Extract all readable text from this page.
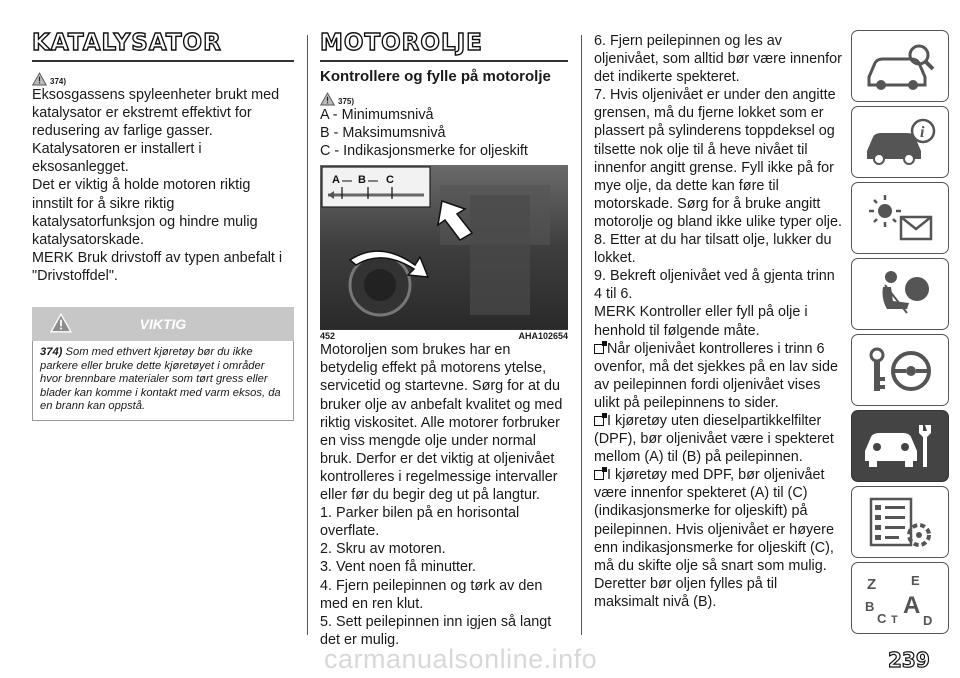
KATALYSATOR
374)
Eksosgassens spyleenheter brukt med katalysator er ekstremt effektivt for redusering av farlige gasser. Katalysatoren er installert i eksosanlegget.
Det er viktig å holde motoren riktig innstilt for å sikre riktig katalysatorfunksjon og hindre mulig katalysatorskade.
MERK Bruk drivstoff av typen anbefalt i "Drivstoffdel".
VIKTIG
374) Som med ethvert kjøretøy bør du ikke parkere eller bruke dette kjøretøyet i områder hvor brennbare materialer som tørt gress eller blader kan komme i kontakt med varm eksos, da en brann kan oppstå.
MOTOROLJE
Kontrollere og fylle på motorolje
375)
A - Minimumsnivå
B - Maksimumsnivå
C - Indikasjonsmerke for oljeskift
A B C
452	AHA102654
Motoroljen som brukes har en betydelig effekt på motorens ytelse, servicetid og startevne. Sørg for at du bruker olje av anbefalt kvalitet og med riktig viskositet. Alle motorer forbruker en viss mengde olje under normal bruk. Derfor er det viktig at oljenivået kontrolleres i regelmessige intervaller eller før du begir deg ut på langtur.
1. Parker bilen på en horisontal overflate.
2. Skru av motoren.
3. Vent noen få minutter.
4. Fjern peilepinnen og tørk av den med en ren klut.
5. Sett peilepinnen inn igjen så langt det er mulig.
6. Fjern peilepinnen og les av oljenivået, som alltid bør være innenfor det indikerte spekteret.
7. Hvis oljenivået er under den angitte grensen, må du fjerne lokket som er plassert på sylinderens toppdeksel og tilsette nok olje til å heve nivået til innenfor angitt grense. Fyll ikke på for mye olje, da dette kan føre til motorskade. Sørg for å bruke angitt motorolje og bland ikke ulike typer olje.
8. Etter at du har tilsatt olje, lukker du lokket.
9. Bekreft oljenivået ved å gjenta trinn 4 til 6.
MERK Kontroller eller fyll på olje i henhold til følgende måte.
Når oljenivået kontrolleres i trinn 6 ovenfor, må det sjekkes på en lav side av peilepinnen fordi oljenivået vises ulikt på peilepinnens to sider.
I kjøretøy uten dieselpartikkelfilter (DPF), bør oljenivået være i spekteret mellom (A) til (B) på peilepinnen.
I kjøretøy med DPF, bør oljenivået være innenfor spekteret (A) til (C) (indikasjonsmerke for oljeskift) på peilepinnen. Hvis oljenivået er høyere enn indikasjonsmerke for oljeskift (C), må du skifte olje så snart som mulig.
Deretter bør oljen fylles på til maksimalt nivå (B).
i
Z	E
B A
C T D
carmanualsonline.info	239
